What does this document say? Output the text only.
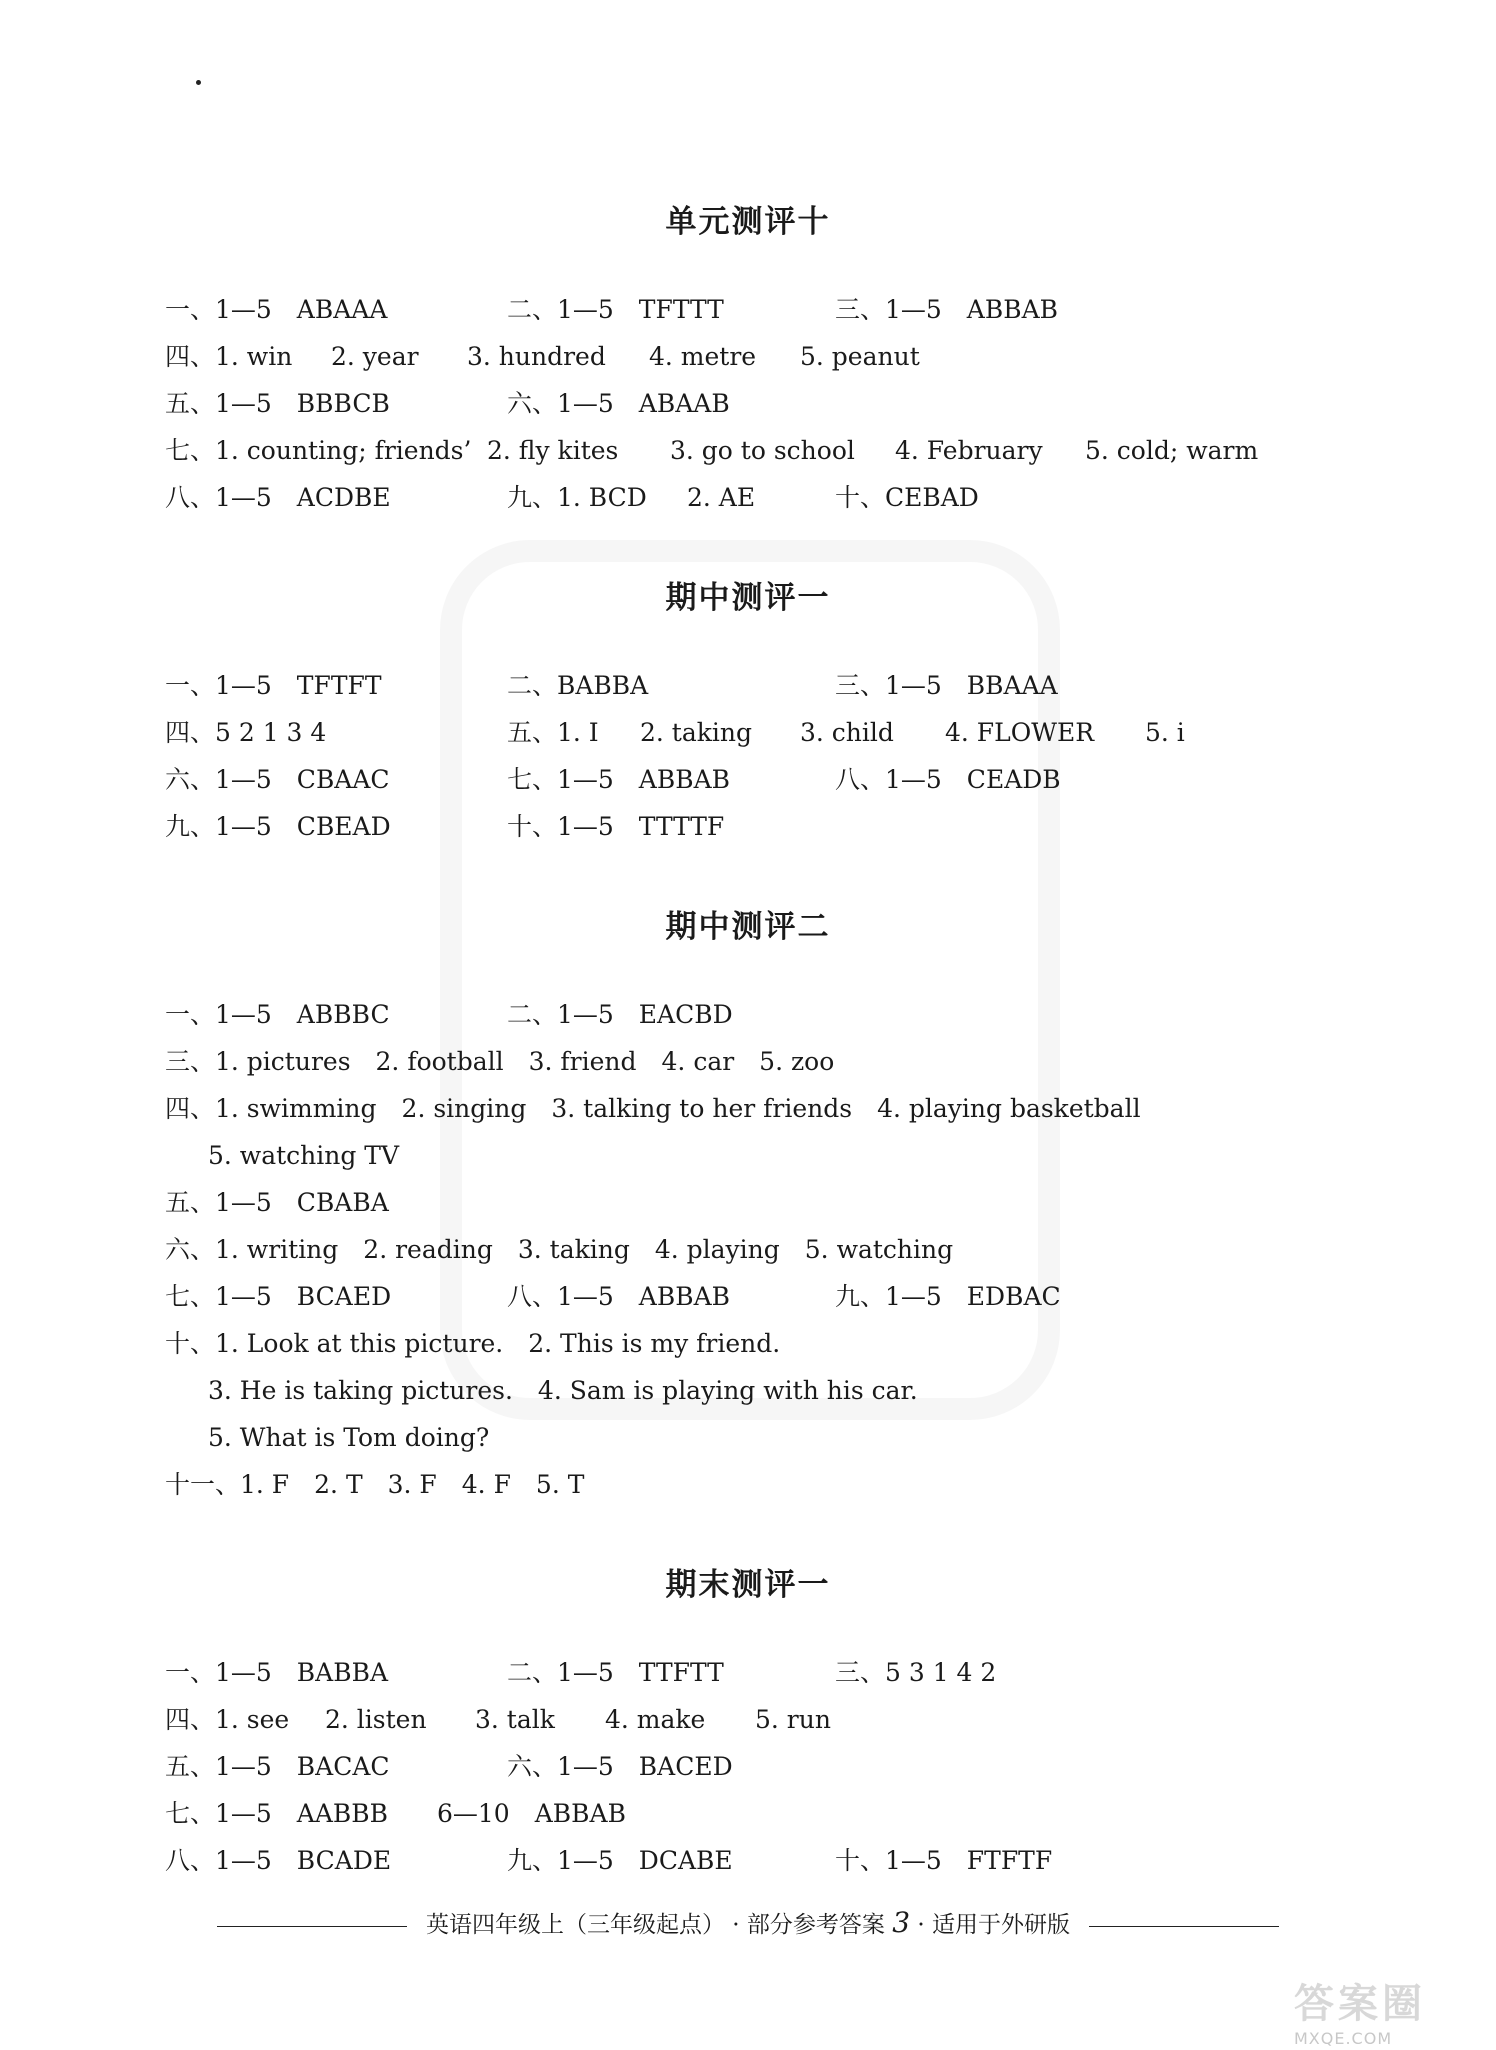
单元测评十
一、1—5　ABAAA	二、1—5　TFTTT	三、1—5　ABBAB
四、1. win 2. year 3. hundred 4. metre 5. peanut
五、1—5　BBBCB	六、1—5　ABAAB
七、1. counting; friends’ 2. fly kites 3. go to school 4. February 5. cold; warm
八、1—5　ACDBE	九、1. BCD 2. AE	十、CEBAD
期中测评一
一、1—5　TFTFT	二、BABBA	三、1—5　BBAAA
四、5 2 1 3 4	五、1. I 2. taking 3. child 4. FLOWER 5. i
六、1—5　CBAAC	七、1—5　ABBAB	八、1—5　CEADB
九、1—5　CBEAD	十、1—5　TTTTF
期中测评二
一、1—5　ABBBC	二、1—5　EACBD
三、1. pictures　2. football　3. friend　4. car　5. zoo
四、1. swimming　2. singing　3. talking to her friends　4. playing basketball
5. watching TV
五、1—5　CBABA
六、1. writing　2. reading　3. taking　4. playing　5. watching
七、1—5　BCAED	八、1—5　ABBAB	九、1—5　EDBAC
十、1. Look at this picture.　2. This is my friend.
3. He is taking pictures.　4. Sam is playing with his car.
5. What is Tom doing?
十一、1. F　2. T　3. F　4. F　5. T
期末测评一
一、1—5　BABBA	二、1—5　TTFTT	三、5 3 1 4 2
四、1. see 2. listen 3. talk 4. make 5. run
五、1—5　BACAC	六、1—5　BACED
七、1—5　AABBB 6—10　ABBAB
八、1—5　BCADE	九、1—5　DCABE	十、1—5　FTFTF
英语四年级上（三年级起点） · 部分参考答案 3 · 适用于外研版
答案圈
MXQE.COM
